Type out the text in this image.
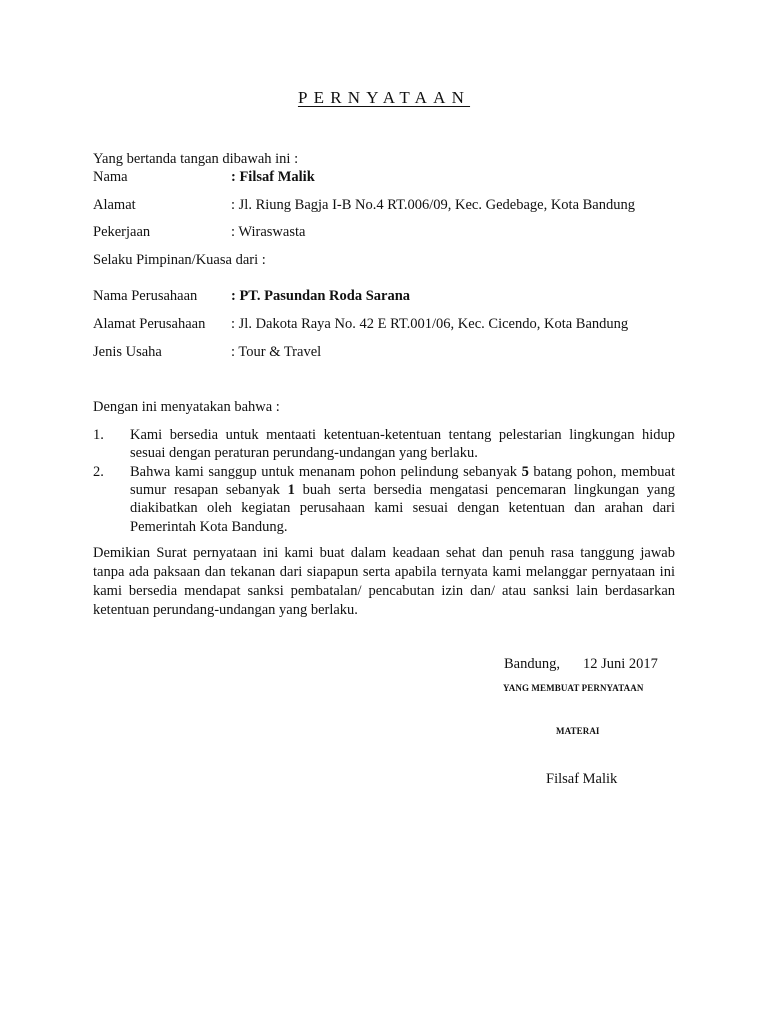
PERNYATAAN
Yang bertanda tangan dibawah ini :
Nama	: Filsaf Malik
Alamat	: Jl. Riung Bagja I-B No.4 RT.006/09, Kec. Gedebage, Kota Bandung
Pekerjaan	: Wiraswasta
Selaku Pimpinan/Kuasa dari :
Nama Perusahaan : PT. Pasundan Roda Sarana
Alamat Perusahaan : Jl. Dakota Raya No. 42 E RT.001/06, Kec. Cicendo, Kota Bandung
Jenis Usaha	: Tour & Travel
Dengan ini menyatakan bahwa :
1. Kami bersedia untuk mentaati ketentuan-ketentuan tentang pelestarian lingkungan hidup sesuai dengan peraturan perundang-undangan yang berlaku.
2. Bahwa kami sanggup untuk menanam pohon pelindung sebanyak 5 batang pohon, membuat sumur resapan sebanyak 1 buah serta bersedia mengatasi pencemaran lingkungan yang diakibatkan oleh kegiatan perusahaan kami sesuai dengan ketentuan dan arahan dari Pemerintah Kota Bandung.
Demikian Surat pernyataan ini kami buat dalam keadaan sehat dan penuh rasa tanggung jawab tanpa ada paksaan dan tekanan dari siapapun serta apabila ternyata kami melanggar pernyataan ini kami bersedia mendapat sanksi pembatalan/ pencabutan izin dan/ atau sanksi lain berdasarkan ketentuan perundang-undangan yang berlaku.
Bandung, 12 Juni 2017
YANG MEMBUAT PERNYATAAN
MATERAI
Filsaf Malik
